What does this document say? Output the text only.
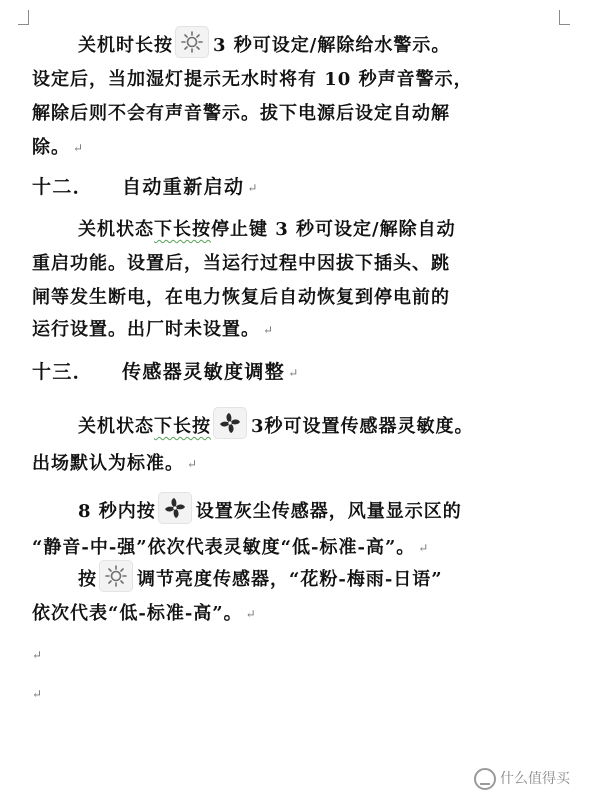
关机时长按 3 秒可设定/解除给水警示。
设定后，当加湿灯提示无水时将有 10 秒声音警示，
解除后则不会有声音警示。拔下电源后设定自动解
除。 ↵
十二． 自动重新启动 ↵
关机状态下长按停止键 3 秒可设定/解除自动
重启功能。设置后，当运行过程中因拔下插头、跳
闸等发生断电，在电力恢复后自动恢复到停电前的
运行设置。出厂时未设置。 ↵
十三． 传感器灵敏度调整 ↵
关机状态下长按 3秒可设置传感器灵敏度。
出场默认为标准。 ↵
8 秒内按 设置灰尘传感器，风量显示区的
“静音-中-强”依次代表灵敏度“低-标准-高”。 ↵
按 调节亮度传感器，“花粉-梅雨-日语”
依次代表“低-标准-高”。 ↵
↵
↵
什么值得买
